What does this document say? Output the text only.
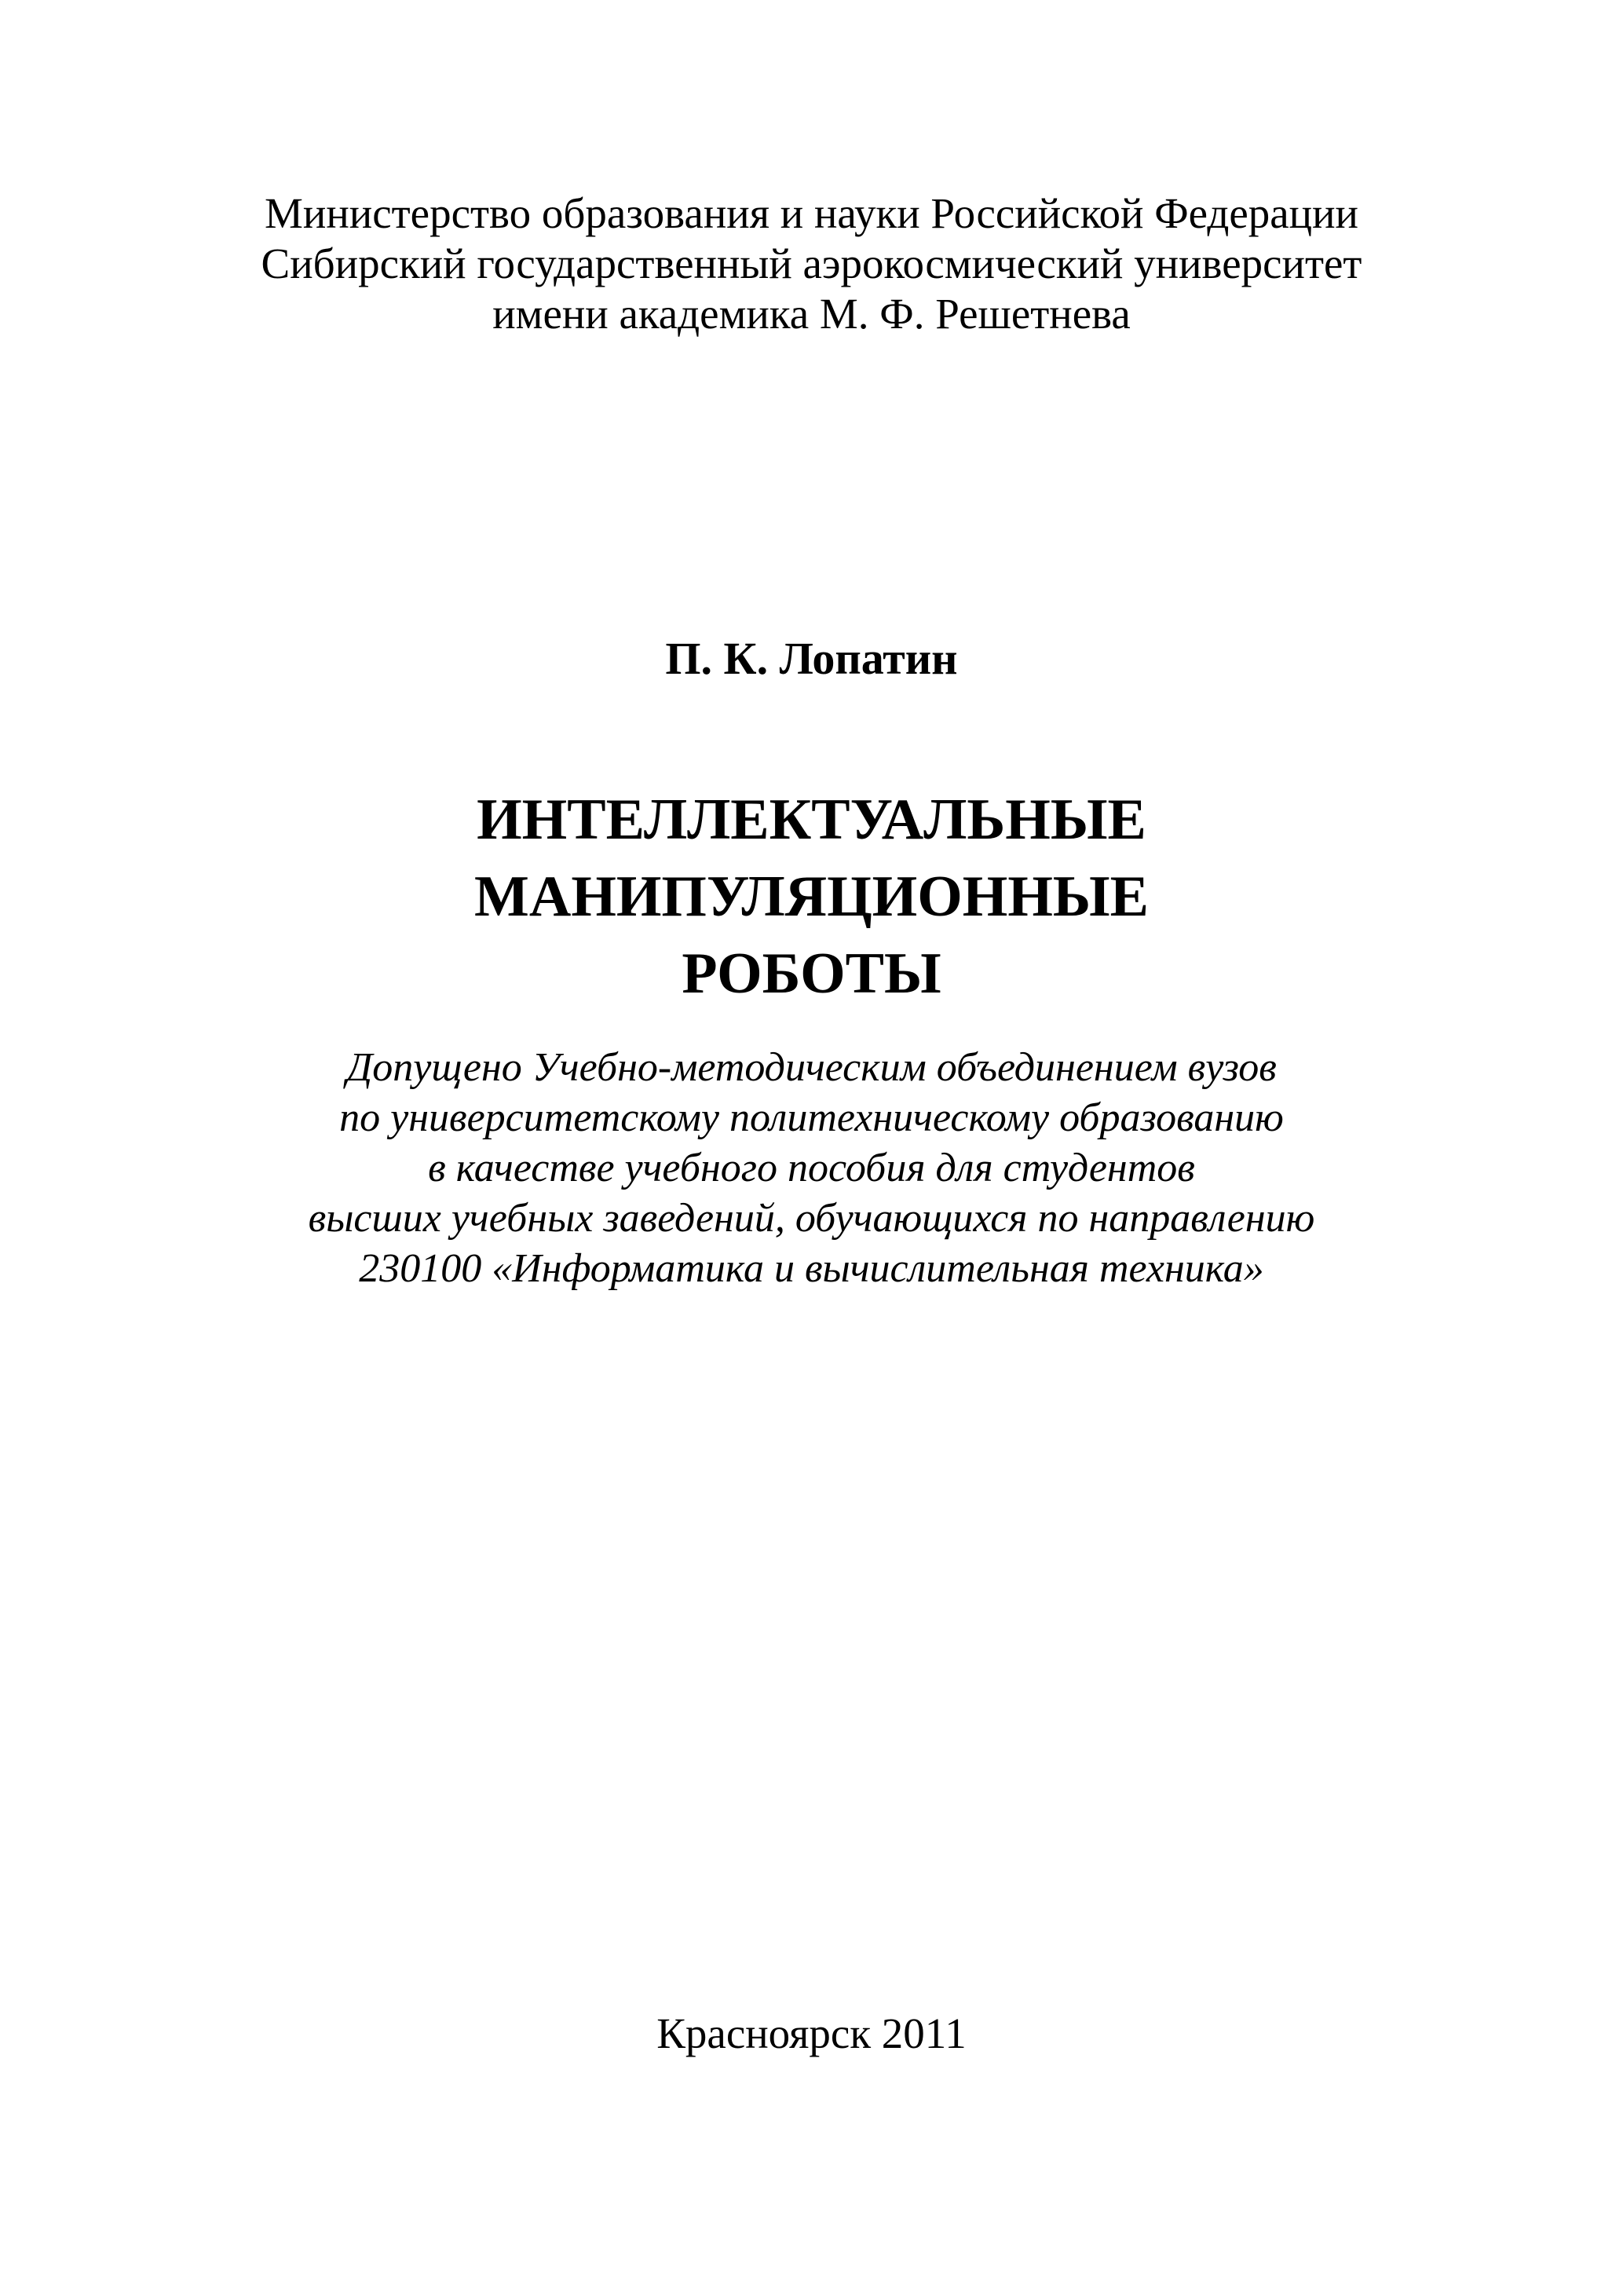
Министерство образования и науки Российской Федерации
Сибирский государственный аэрокосмический университет
имени академика М. Ф. Решетнева
П. К. Лопатин
ИНТЕЛЛЕКТУАЛЬНЫЕ
МАНИПУЛЯЦИОННЫЕ
РОБОТЫ
Допущено Учебно-методическим объединением вузов
по университетскому политехническому образованию
в качестве учебного пособия для студентов
высших учебных заведений, обучающихся по направлению
230100 «Информатика и вычислительная техника»
Красноярск 2011
